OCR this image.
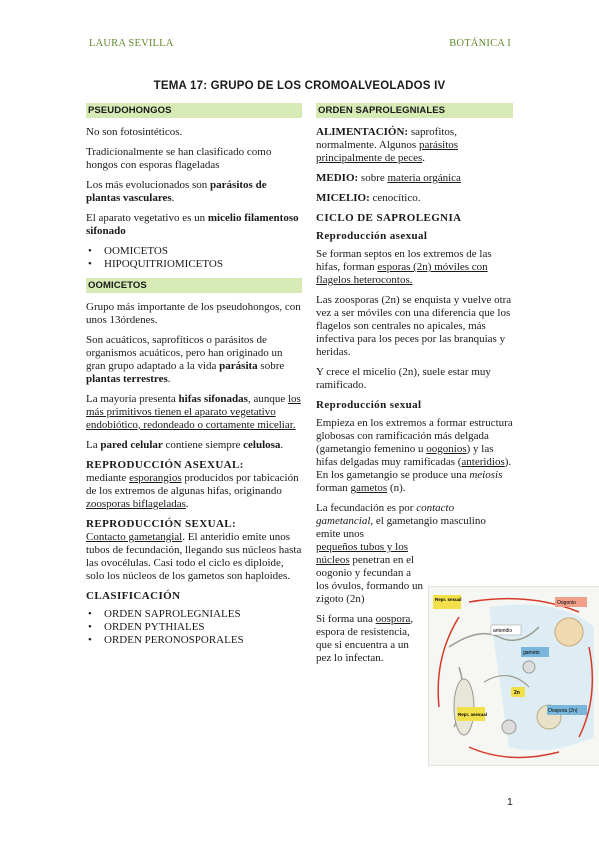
LAURA SEVILLA	BOTÁNICA I
TEMA 17: GRUPO DE LOS CROMOALVEOLADOS IV
PSEUDOHONGOS

No son fotosintéticos.

Tradicionalmente se han clasificado como hongos con esporas flageladas

Los más evolucionados son parásitos de plantas vasculares.

El aparato vegetativo es un micelio filamentoso sifonado

• OOMICETOS
• HIPOQUITRIOMICETOS
OOMICETOS

Grupo más importante de los pseudohongos, con unos 13órdenes.

Son acuáticos, saprofíticos o parásitos de organismos acuáticos, pero han originado un gran grupo adaptado a la vida parásita sobre plantas terrestres.

La mayoría presenta hifas sifonadas, aunque los más primitivos tienen el aparato vegetativo endobiótico, redondeado o cortamente miceliar.

La pared celular contiene siempre celulosa.

REPRODUCCIÓN ASEXUAL:
mediante esporangios producidos por tabicación de los extremos de algunas hifas, originando zoosporas biflageladas.

REPRODUCCIÓN SEXUAL:
Contacto gametangial. El anteridio emite unos tubos de fecundación, llegando sus núcleos hasta las ovocélulas. Casi todo el ciclo es diploide, solo los núcleos de los gametos son haploides.

CLASIFICACIÓN

• ORDEN SAPROLEGNIALES
• ORDEN PYTHIALES
• ORDEN PERONOSPORALES
ORDEN SAPROLEGNIALES

ALIMENTACIÓN: saprofitos, normalmente. Algunos parásitos principalmente de peces.

MEDIO: sobre materia orgánica

MICELIO: cenocítico.

CICLO DE SAPROLEGNIA

Reproducción asexual

Se forman septos en los extremos de las hifas, forman esporas (2n) móviles con flagelos heterocontos.

Las zoosporas (2n) se enquista y vuelve otra vez a ser móviles con una diferencia que los flagelos son centrales no apicales, más infectiva para los peces por las branquias y heridas.

Y crece el micelio (2n), suele estar muy ramificado.

Reproducción sexual

Empieza en los extremos a formar estructura globosas con ramificación más delgada (gametangio femenino u oogonios) y las hifas delgadas muy ramificadas (anteridios). En los gametangio se produce una meiosis forman gametos (n).

La fecundación es por contacto gametancial, el gametangio masculino emite unos

pequeños tubos y los núcleos penetran en el oogonio y fecundan a los óvulos, formando un zigoto (2n)

Si forma una oospora, espora de resistencia, que si encuentra a un pez lo infectan.

Repr. sexual
Repr. asexual
anteridio
gameto
2n
Oospora (2n)
Oogonio
1
